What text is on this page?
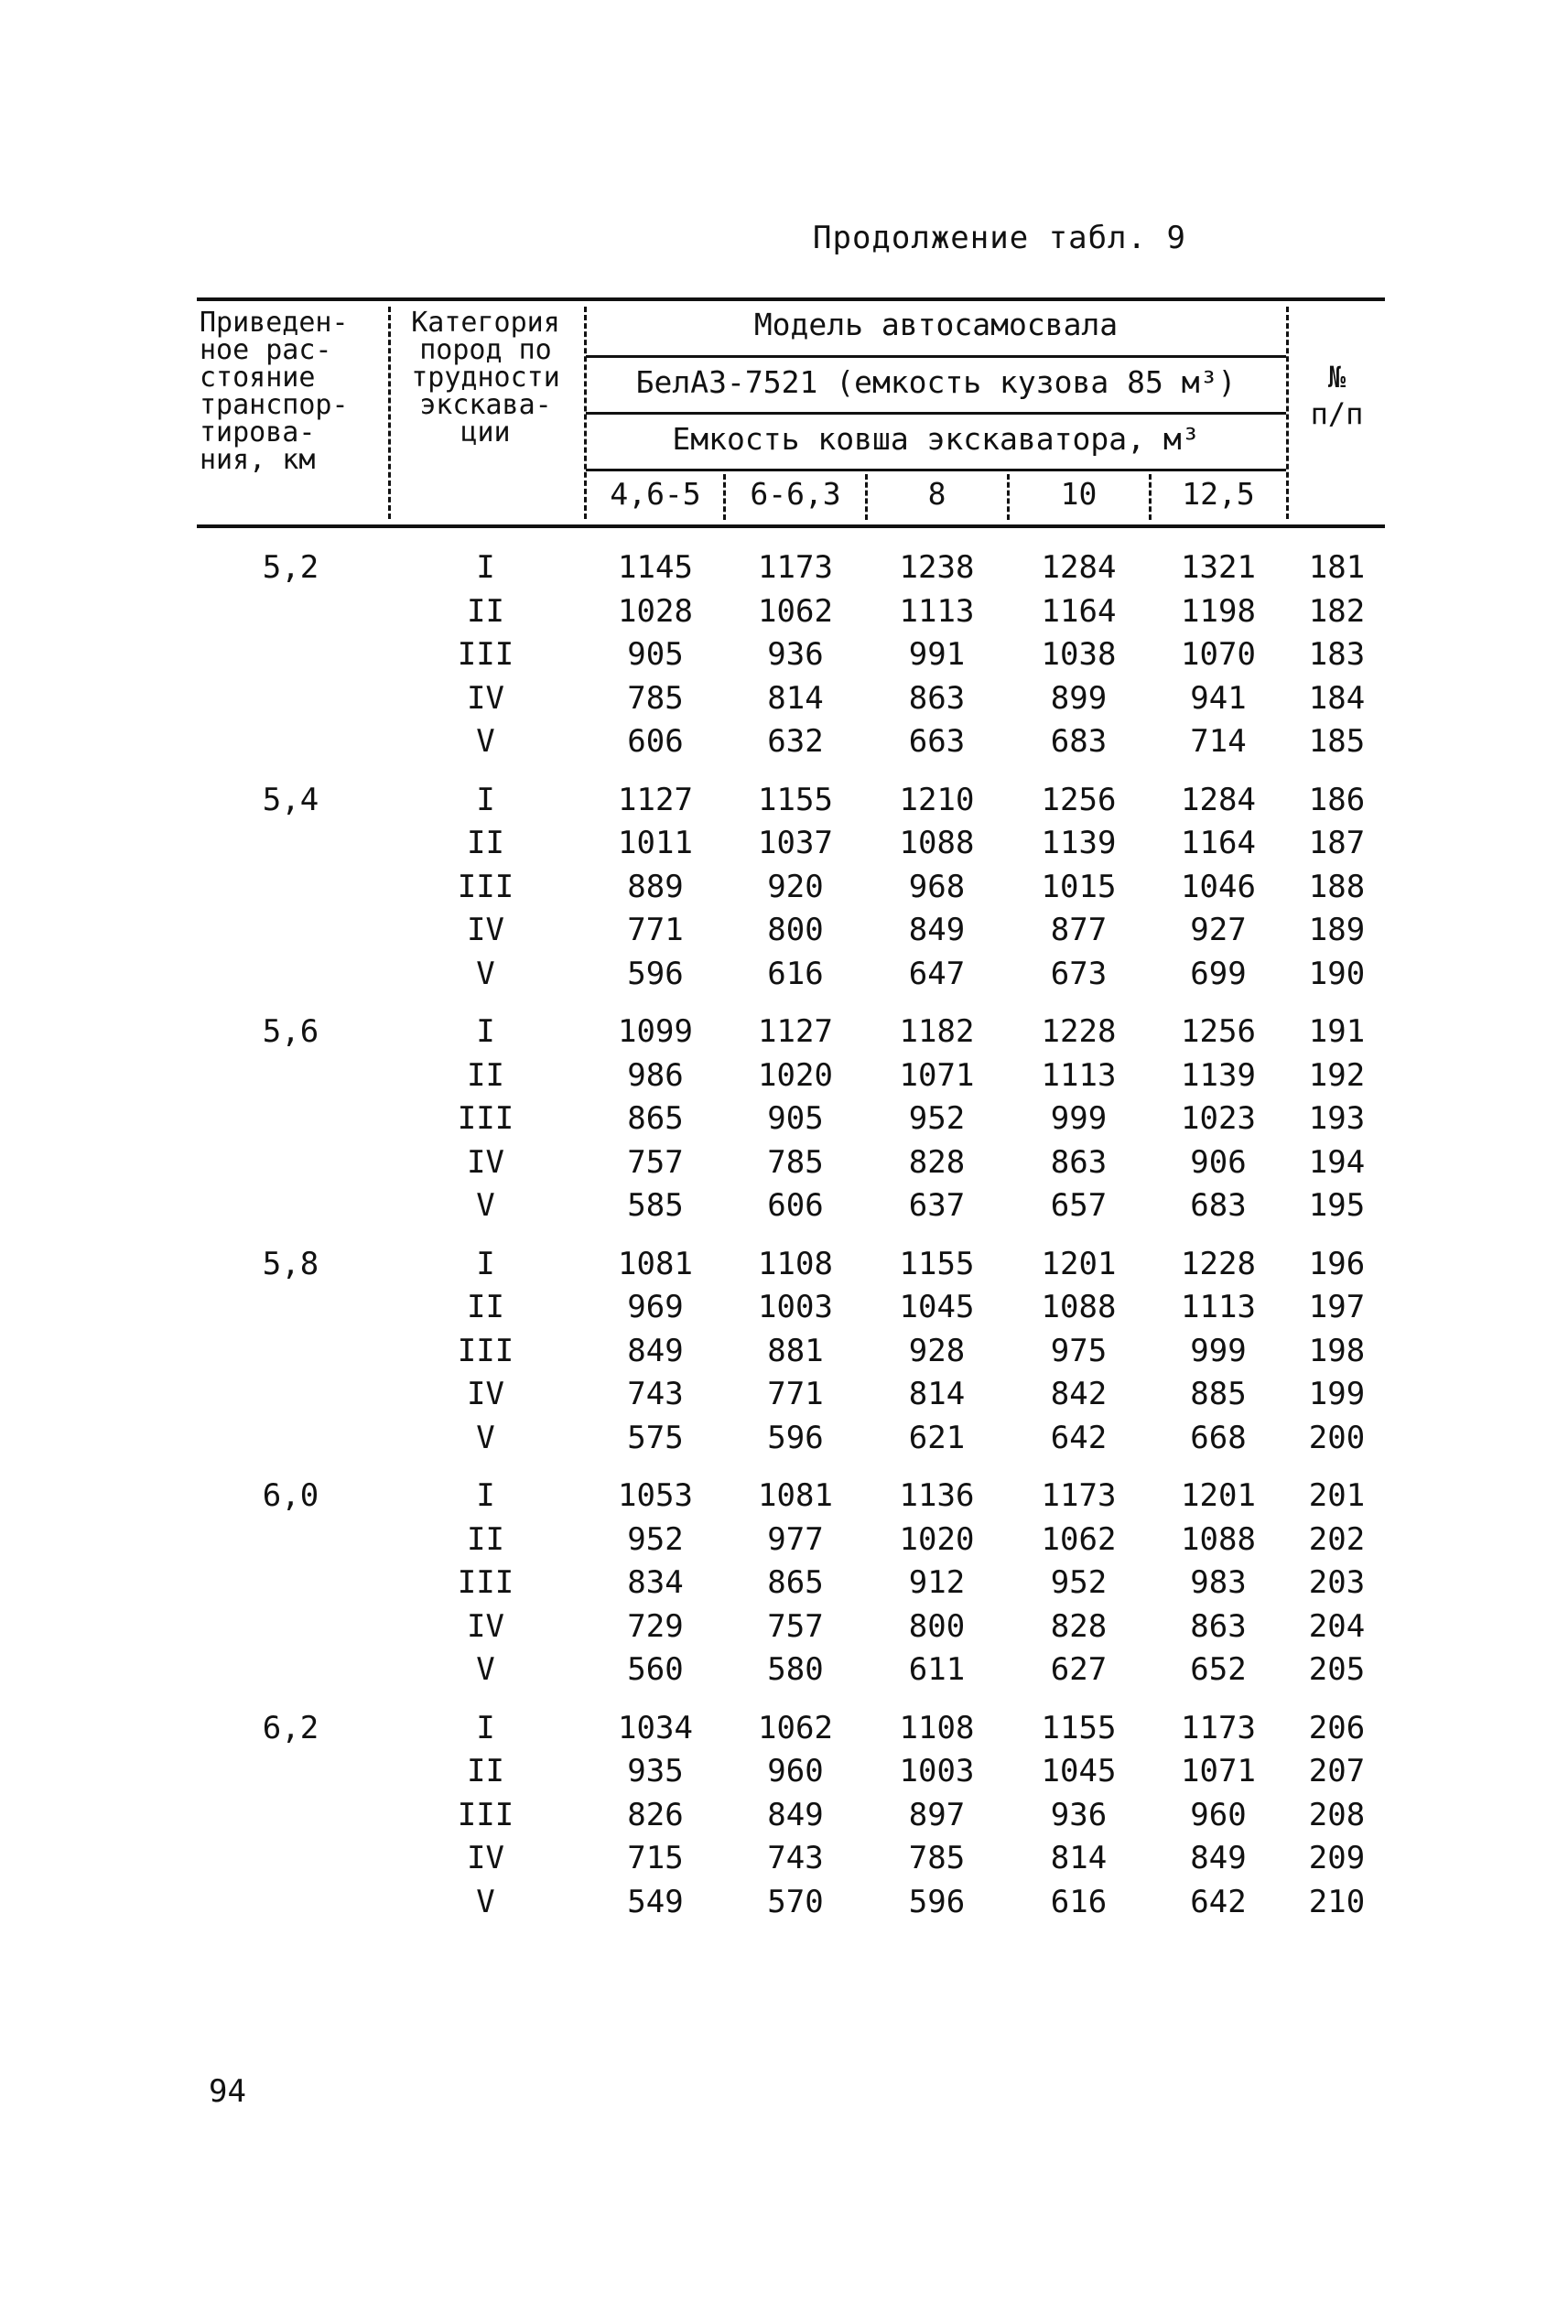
Продолжение табл. 9
Приведен-
ное рас-
стояние
транспор-
тирова-
ния, км
Категория
пород по
трудности
экскава-
ции
Модель автосамосвала
БелАЗ-7521 (емкость кузова 85 м³)
Емкость ковша экскаватора, м³
4,6-5	6-6,3	8	10	12,5
№
п/п
5,2	I	1145	1173	1238	1284	1321	181
II	1028	1062	1113	1164	1198	182
III	905	936	991	1038	1070	183
IV	785	814	863	899	941	184
V	606	632	663	683	714	185
5,4	I	1127	1155	1210	1256	1284	186
II	1011	1037	1088	1139	1164	187
III	889	920	968	1015	1046	188
IV	771	800	849	877	927	189
V	596	616	647	673	699	190
5,6	I	1099	1127	1182	1228	1256	191
II	986	1020	1071	1113	1139	192
III	865	905	952	999	1023	193
IV	757	785	828	863	906	194
V	585	606	637	657	683	195
5,8	I	1081	1108	1155	1201	1228	196
II	969	1003	1045	1088	1113	197
III	849	881	928	975	999	198
IV	743	771	814	842	885	199
V	575	596	621	642	668	200
6,0	I	1053	1081	1136	1173	1201	201
II	952	977	1020	1062	1088	202
III	834	865	912	952	983	203
IV	729	757	800	828	863	204
V	560	580	611	627	652	205
6,2	I	1034	1062	1108	1155	1173	206
II	935	960	1003	1045	1071	207
III	826	849	897	936	960	208
IV	715	743	785	814	849	209
V	549	570	596	616	642	210
94
